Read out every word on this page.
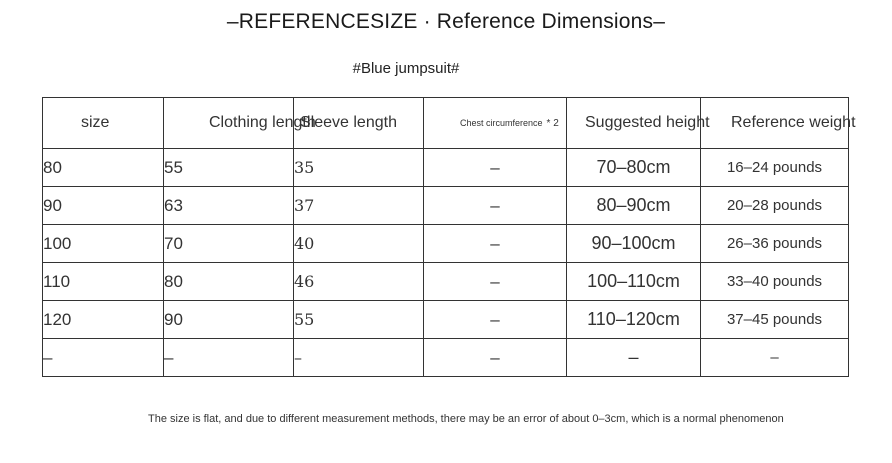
–REFERENCESIZE · Reference Dimensions–
#Blue jumpsuit#
size	Clothing length	Sleeve length	Chest circumference * 2	Suggested height	Reference weight
80	55	35	–	70–80cm	16–24 pounds
90	63	37	–	80–90cm	20–28 pounds
100	70	40	–	90–100cm	26–36 pounds
110	80	46	–	100–110cm	33–40 pounds
120	90	55	–	110–120cm	37–45 pounds
–	–	–	–	–	–
The size is flat, and due to different measurement methods, there may be an error of about 0–3cm, which is a normal phenomenon
